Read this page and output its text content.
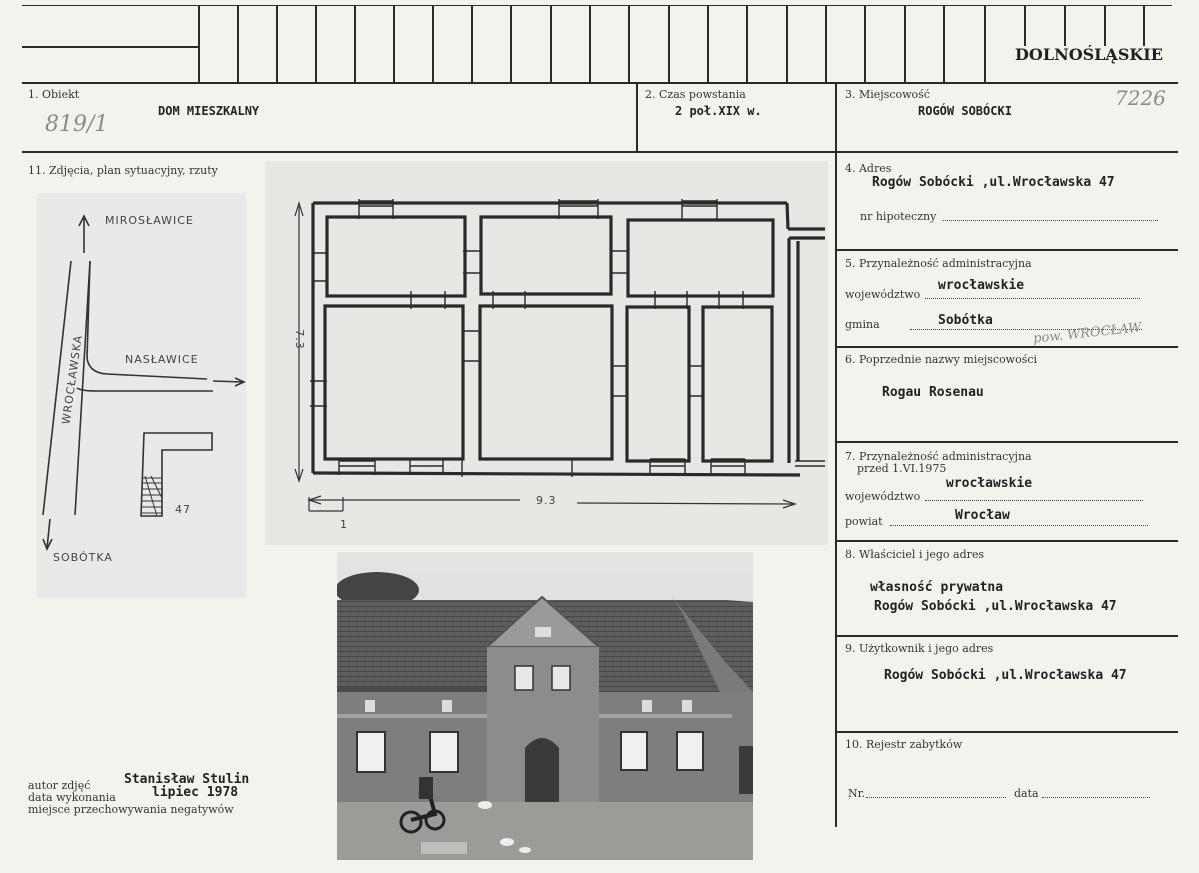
DOLNOŚLĄSKIE
1. Obiekt
DOM MIESZKALNY
819/1
2. Czas powstania
2 poł.XIX w.
3. Miejscowość
ROGÓW SOBÓCKI
7226
11. Zdjęcia, plan sytuacyjny, rzuty	4. Adres
Rogów Sobócki ,ul.Wrocławska 47
nr hipoteczny
5. Przynależność administracyjna
województwo
wrocławskie
gmina	Sobótka	pow. WROCŁAW
6. Poprzednie nazwy miejscowości
Rogau Rosenau
7. Przynależność administracyjna
przed 1.VI.1975
województwo
wrocławskie
powiat	Wrocław
8. Właściciel i jego adres
własność prywatna
Rogów Sobócki ,ul.Wrocławska 47
9. Użytkownik i jego adres
Rogów Sobócki ,ul.Wrocławska 47
10. Rejestr zabytków
Nr.	data
MIROSŁAWICE
NASŁAWICE
WROCŁAWSKA
SOBÓTKA
47
7.3
9.3
1
autor zdjęć	Stanisław Stulin
data wykonania	lipiec 1978
miejsce przechowywania negatywów
